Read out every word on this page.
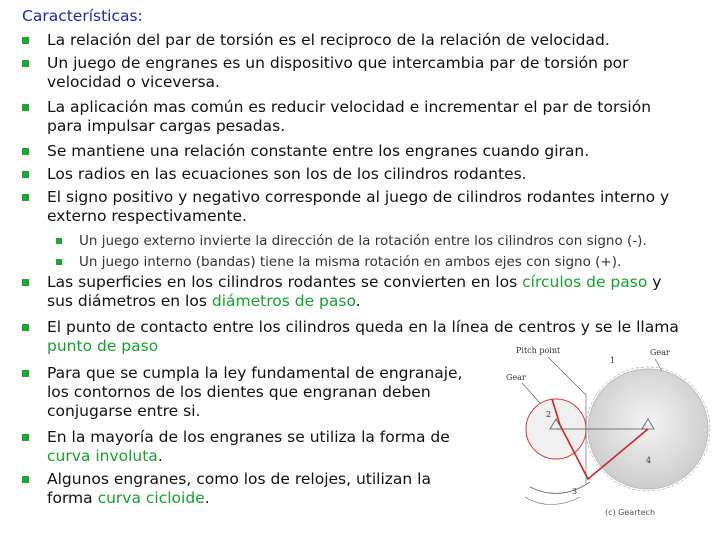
Características:
La relación del par de torsión es el reciproco de la relación de velocidad.
Un juego de engranes es un dispositivo que intercambia par de torsión por
velocidad o viceversa.
La aplicación mas común es reducir velocidad e incrementar el par de torsión
para impulsar cargas pesadas.
Se mantiene una relación constante entre los engranes cuando giran.
Los radios en las ecuaciones son los de los cilindros rodantes.
El signo positivo y negativo corresponde al juego de cilindros rodantes interno y
externo respectivamente.
Un juego externo invierte la dirección de la rotación entre los cilindros con signo (-).
Un juego interno (bandas) tiene la misma rotación en ambos ejes con signo (+).
Las superficies en los cilindros rodantes se convierten en los círculos de paso y
sus diámetros en los diámetros de paso.
El punto de contacto entre los cilindros queda en la línea de centros y se le llama
punto de paso
Para que se cumpla la ley fundamental de engranaje,
los contornos de los dientes que engranan deben
conjugarse entre si.
En la mayoría de los engranes se utiliza la forma de
curva involuta.
Algunos engranes, como los de relojes, utilizan la
forma curva cicloide.
Pitch point	Gear
Gear
1
2
3
4
(c) Geartech
